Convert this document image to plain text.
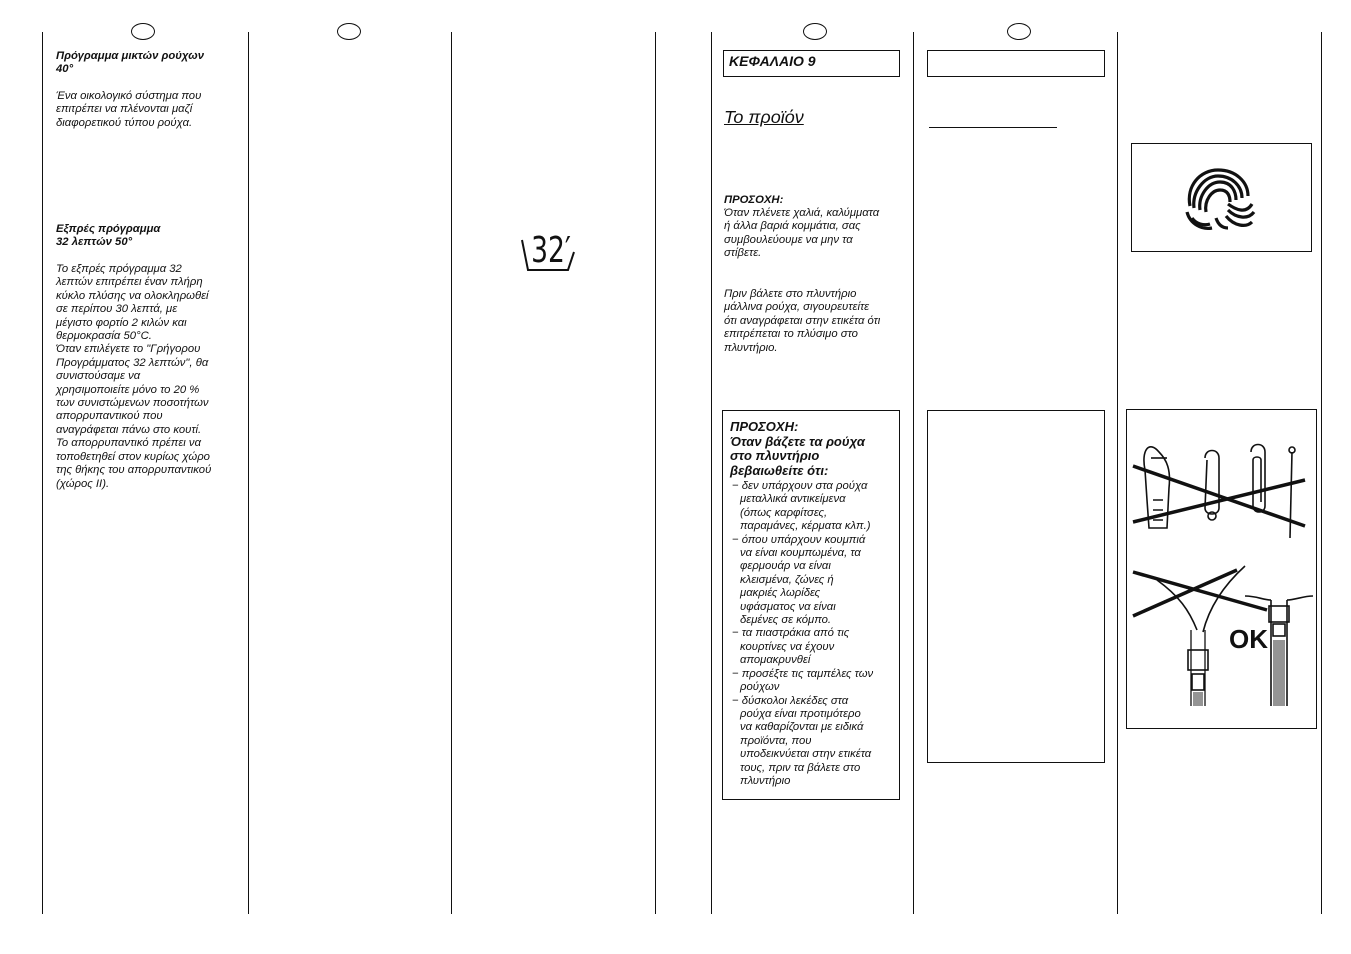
Πρόγραμμα μικτών ρούχων
40°
Ένα οικολογικό σύστημα που
επιτρέπει να πλένονται μαζί
διαφορετικού τύπου ρούχα.
Εξπρές πρόγραμμα
32 λεπτών 50°
Το εξπρές πρόγραμμα 32
λεπτών επιτρέπει έναν πλήρη
κύκλο πλύσης να ολοκληρωθεί
σε περίπου 30 λεπτά, με
μέγιστο φορτίο 2 κιλών και
θερμοκρασία 50°C.
Όταν επιλέγετε το "Γρήγορου
Προγράμματος 32 λεπτών", θα
συνιστούσαμε να
χρησιμοποιείτε μόνο το 20 %
των συνιστώμενων ποσοτήτων
απορρυπαντικού που
αναγράφεται πάνω στο κουτί.
Το απορρυπαντικό πρέπει να
τοποθετηθεί στον κυρίως χώρο
της θήκης του απορρυπαντικού
(χώρος ΙΙ).
32′
ΚΕΦΑΛΑΙΟ 9
Το προϊόν
ΠΡΟΣΟΧΗ:
Όταν πλένετε χαλιά, καλύμματα
ή άλλα βαριά κομμάτια, σας
συμβουλεύουμε να μην τα
στίβετε.
Πριν βάλετε στο πλυντήριο
μάλλινα ρούχα, σιγουρευτείτε
ότι αναγράφεται στην ετικέτα ότι
επιτρέπεται το πλύσιμο στο
πλυντήριο.
ΠΡΟΣΟΧΗ:
Όταν βάζετε τα ρούχα
στο πλυντήριο
βεβαιωθείτε ότι:
− δεν υπάρχουν στα ρούχα
μεταλλικά αντικείμενα
(όπως καρφίτσες,
παραμάνες, κέρματα κλπ.)
− όπου υπάρχουν κουμπιά
να είναι κουμπωμένα, τα
φερμουάρ να είναι
κλεισμένα, ζώνες ή
μακριές λωρίδες
υφάσματος να είναι
δεμένες σε κόμπο.
− τα πιαστράκια από τις
κουρτίνες να έχουν
απομακρυνθεί
− προσέξτε τις ταμπέλες των
ρούχων
− δύσκολοι λεκέδες στα
ρούχα είναι προτιμότερο
να καθαρίζονται με ειδικά
προϊόντα, που
υποδεικνύεται στην ετικέτα
τους, πριν τα βάλετε στο
πλυντήριο
OK
